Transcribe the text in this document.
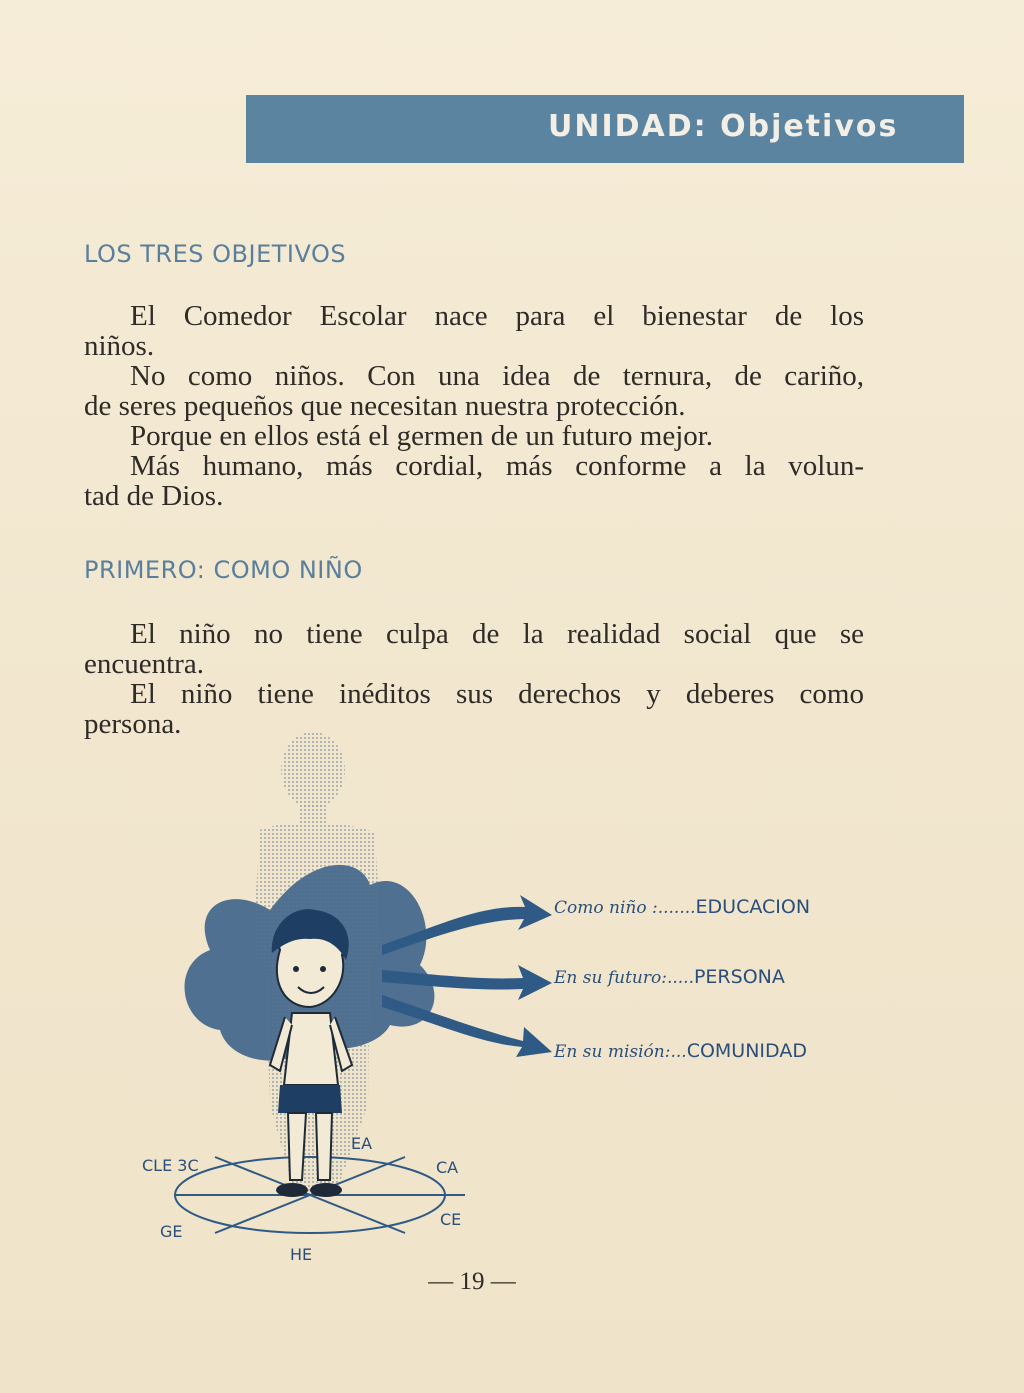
UNIDAD: Objetivos
LOS TRES OBJETIVOS
El Comedor Escolar nace para el bienestar de los
niños.
No como niños. Con una idea de ternura, de cariño,
de seres pequeños que necesitan nuestra protección.
Porque en ellos está el germen de un futuro mejor.
Más humano, más cordial, más conforme a la volun-
tad de Dios.
PRIMERO: COMO NIÑO
El niño no tiene culpa de la realidad social que se
encuentra.
El niño tiene inéditos sus derechos y deberes como
persona.
Como niño :.......EDUCACION
En su futuro:.....PERSONA
En su misión:...COMUNIDAD
CLE 3C
EA
CA
GE
CE
HE
— 19 —
